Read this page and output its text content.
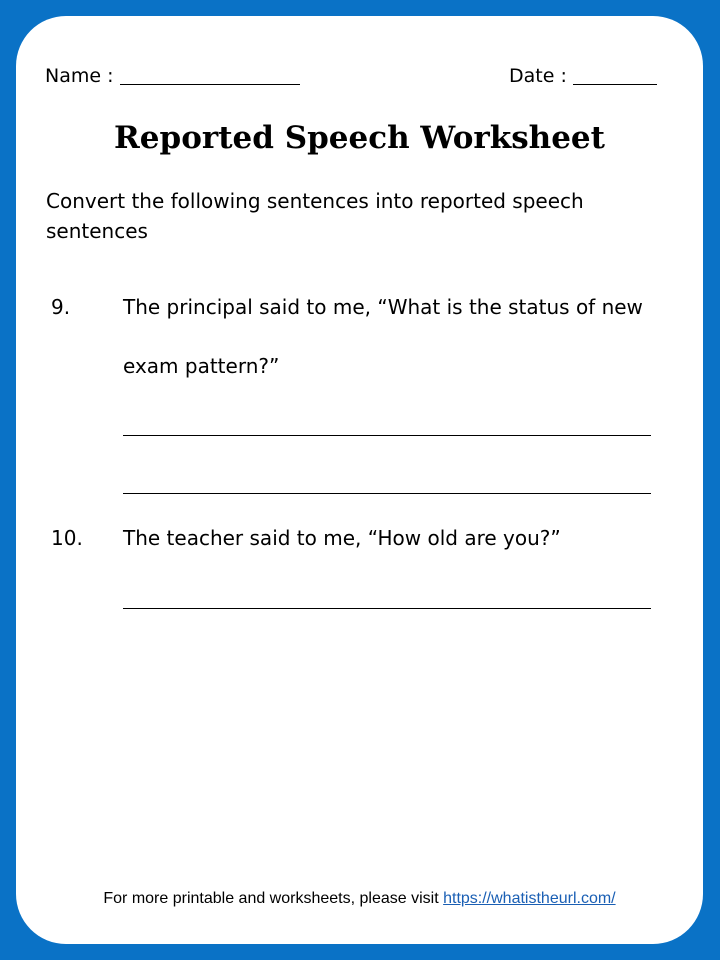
Name :	Date :
Reported Speech Worksheet
Convert the following sentences into reported speech sentences
9.	The principal said to me, “What is the status of new
exam pattern?”
10. The teacher said to me, “How old are you?”
For more printable and worksheets, please visit https://whatistheurl.com/
